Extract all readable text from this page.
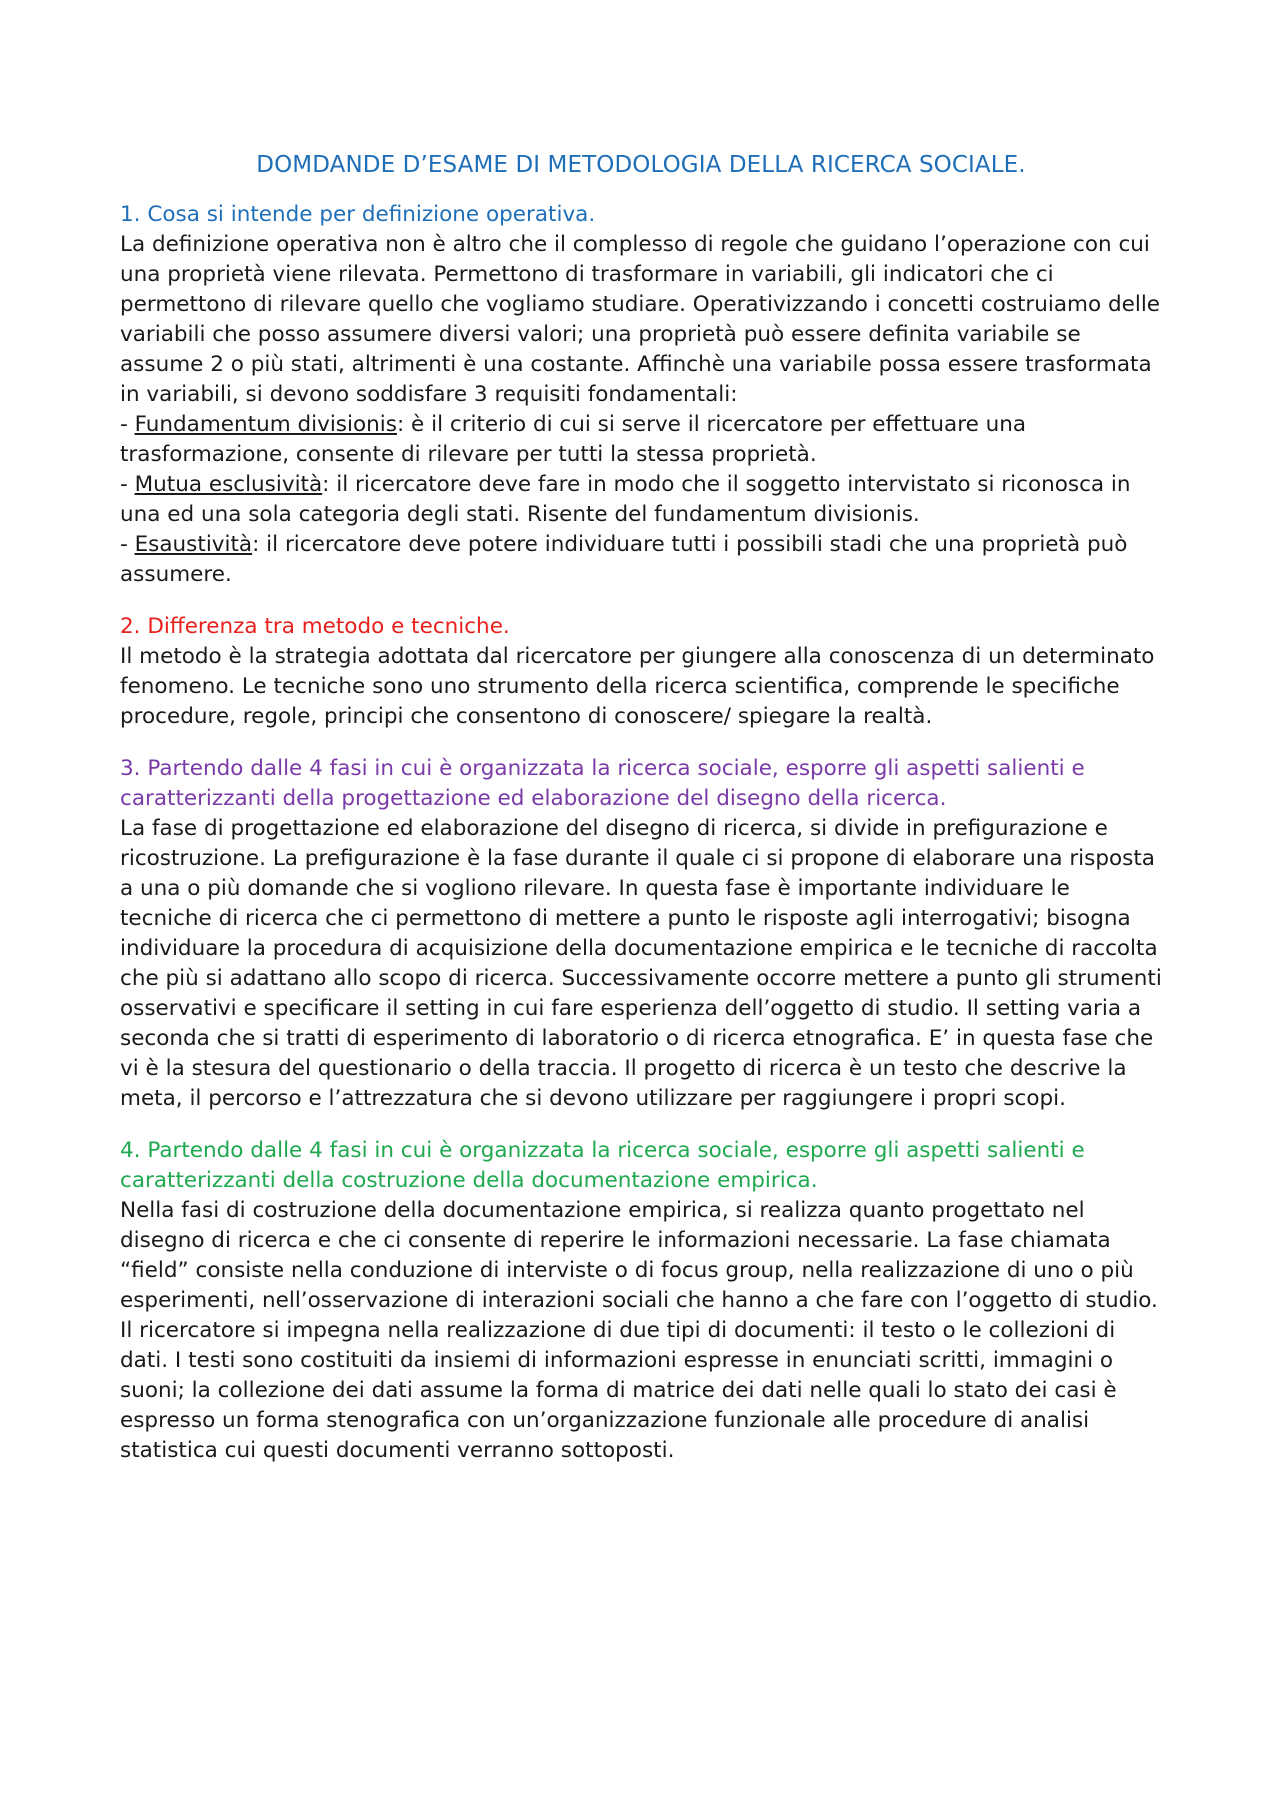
DOMDANDE D’ESAME DI METODOLOGIA DELLA RICERCA SOCIALE.
1. Cosa si intende per definizione operativa.

La definizione operativa non è altro che il complesso di regole che guidano l’operazione con cui una proprietà viene rilevata. Permettono di trasformare in variabili, gli indicatori che ci permettono di rilevare quello che vogliamo studiare. Operativizzando i concetti costruiamo delle variabili che posso assumere diversi valori; una proprietà può essere definita variabile se assume 2 o più stati, altrimenti è una costante. Affinchè una variabile possa essere trasformata in variabili, si devono soddisfare 3 requisiti fondamentali:
- Fundamentum divisionis: è il criterio di cui si serve il ricercatore per effettuare una trasformazione, consente di rilevare per tutti la stessa proprietà.
- Mutua esclusività: il ricercatore deve fare in modo che il soggetto intervistato si riconosca in una ed una sola categoria degli stati. Risente del fundamentum divisionis.
- Esaustività: il ricercatore deve potere individuare tutti i possibili stadi che una proprietà può assumere.

2. Differenza tra metodo e tecniche.

Il metodo è la strategia adottata dal ricercatore per giungere alla conoscenza di un determinato fenomeno. Le tecniche sono uno strumento della ricerca scientifica, comprende le specifiche procedure, regole, principi che consentono di conoscere/ spiegare la realtà.

3. Partendo dalle 4 fasi in cui è organizzata la ricerca sociale, esporre gli aspetti salienti e caratterizzanti della progettazione ed elaborazione del disegno della ricerca.

La fase di progettazione ed elaborazione del disegno di ricerca, si divide in prefigurazione e ricostruzione. La prefigurazione è la fase durante il quale ci si propone di elaborare una risposta a una o più domande che si vogliono rilevare. In questa fase è importante individuare le tecniche di ricerca che ci permettono di mettere a punto le risposte agli interrogativi; bisogna individuare la procedura di acquisizione della documentazione empirica e le tecniche di raccolta che più si adattano allo scopo di ricerca. Successivamente occorre mettere a punto gli strumenti osservativi e specificare il setting in cui fare esperienza dell’oggetto di studio. Il setting varia a seconda che si tratti di esperimento di laboratorio o di ricerca etnografica. E’ in questa fase che vi è la stesura del questionario o della traccia. Il progetto di ricerca è un testo che descrive la meta, il percorso e l’attrezzatura che si devono utilizzare per raggiungere i propri scopi.

4. Partendo dalle 4 fasi in cui è organizzata la ricerca sociale, esporre gli aspetti salienti e caratterizzanti della costruzione della documentazione empirica.

Nella fasi di costruzione della documentazione empirica, si realizza quanto progettato nel disegno di ricerca e che ci consente di reperire le informazioni necessarie. La fase chiamata “field” consiste nella conduzione di interviste o di focus group, nella realizzazione di uno o più esperimenti, nell’osservazione di interazioni sociali che hanno a che fare con l’oggetto di studio. Il ricercatore si impegna nella realizzazione di due tipi di documenti: il testo o le collezioni di dati. I testi sono costituiti da insiemi di informazioni espresse in enunciati scritti, immagini o suoni; la collezione dei dati assume la forma di matrice dei dati nelle quali lo stato dei casi è espresso un forma stenografica con un’organizzazione funzionale alle procedure di analisi statistica cui questi documenti verranno sottoposti.
